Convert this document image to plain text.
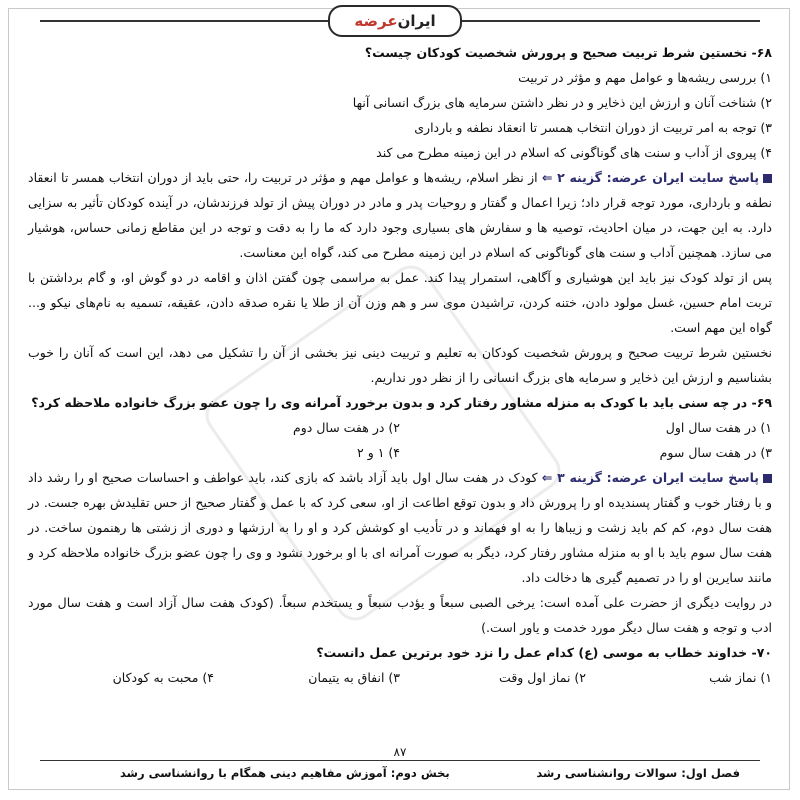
ایران
عرضه
۶۸- نخستین شرط تربیت صحیح و پرورش شخصیت کودکان چیست؟
۱) بررسی ریشه‌ها و عوامل مهم و مؤثر در تربیت
۲) شناخت آنان و ارزش این ذخایر و در نظر داشتن سرمایه های بزرگ انسانی آنها
۳) توجه به امر تربیت از دوران انتخاب همسر تا انعقاد نطفه و بارداری
۴) پیروی از آداب و سنت های گوناگونی که اسلام در این زمینه مطرح می کند
پاسخ سایت ایران عرضه: گزینه ۲ ⇐ از نظر اسلام، ریشه‌ها و عوامل مهم و مؤثر در تربیت را، حتی باید از دوران انتخاب همسر تا انعقاد نطفه و بارداری، مورد توجه قرار داد؛ زیرا اعمال و گفتار و روحیات پدر و مادر در دوران پیش از تولد فرزندشان، در آینده کودکان تأثیر به سزایی دارد. به این جهت، در میان احادیث، توصیه ها و سفارش های بسیاری وجود دارد که ما را به دقت و توجه در این مقاطع زمانی حساس، هوشیار می سازد. همچنین آداب و سنت های گوناگونی که اسلام در این زمینه مطرح می کند، گواه این معناست.
پس از تولد کودک نیز باید این هوشیاری و آگاهی، استمرار پیدا کند. عمل به مراسمی چون گفتن اذان و اقامه در دو گوش او، و گام برداشتن با تربت امام حسین، غسل مولود دادن، ختنه کردن، تراشیدن موی سر و هم وزن آن از طلا یا نقره صدقه دادن، عقیقه، تسمیه به نام‌های نیکو و... گواه این مهم است.
نخستین شرط تربیت صحیح و پرورش شخصیت کودکان به تعلیم و تربیت دینی نیز بخشی از آن را تشکیل می دهد، این است که آنان را خوب بشناسیم و ارزش این ذخایر و سرمایه های بزرگ انسانی را از نظر دور نداریم.
۶۹- در چه سنی باید با کودک به منزله مشاور رفتار کرد و بدون برخورد آمرانه وی را چون عضو بزرگ خانواده ملاحظه کرد؟
۱) در هفت سال اول
۲) در هفت سال دوم
۳) در هفت سال سوم
۴) ۱ و ۲
پاسخ سایت ایران عرضه: گزینه ۳ ⇐ کودک در هفت سال اول باید آزاد باشد که بازی کند، باید عواطف و احساسات صحیح او را رشد داد و با رفتار خوب و گفتار پسندیده او را پرورش داد و بدون توقع اطاعت از او، سعی کرد که با عمل و گفتار صحیح از حس تقلیدش بهره جست. در هفت سال دوم، کم کم باید زشت و زیباها را به او فهماند و در تأدیب او کوشش کرد و او را به ارزشها و دوری از زشتی ها رهنمون ساخت. در هفت سال سوم باید با او به منزله مشاور رفتار کرد، دیگر به صورت آمرانه ای با او برخورد نشود و وی را چون عضو بزرگ خانواده ملاحظه کرد و مانند سایرین او را در تصمیم گیری ها دخالت داد.
در روایت دیگری از حضرت علی آمده است: یرخی الصبی سبعاً و یؤدب سبعاً و یستخدم سبعاً. (کودک هفت سال آزاد است و هفت سال مورد ادب و توجه و هفت سال دیگر مورد خدمت و یاور است.)
۷۰- خداوند خطاب به موسی (ع) کدام عمل را نزد خود برترین عمل دانست؟
۱) نماز شب
۲) نماز اول وقت
۳) انفاق به یتیمان
۴) محبت به کودکان
۸۷
فصل اول: سوالات روانشناسی رشد
بخش دوم: آموزش مفاهیم دینی همگام با روانشناسی رشد
